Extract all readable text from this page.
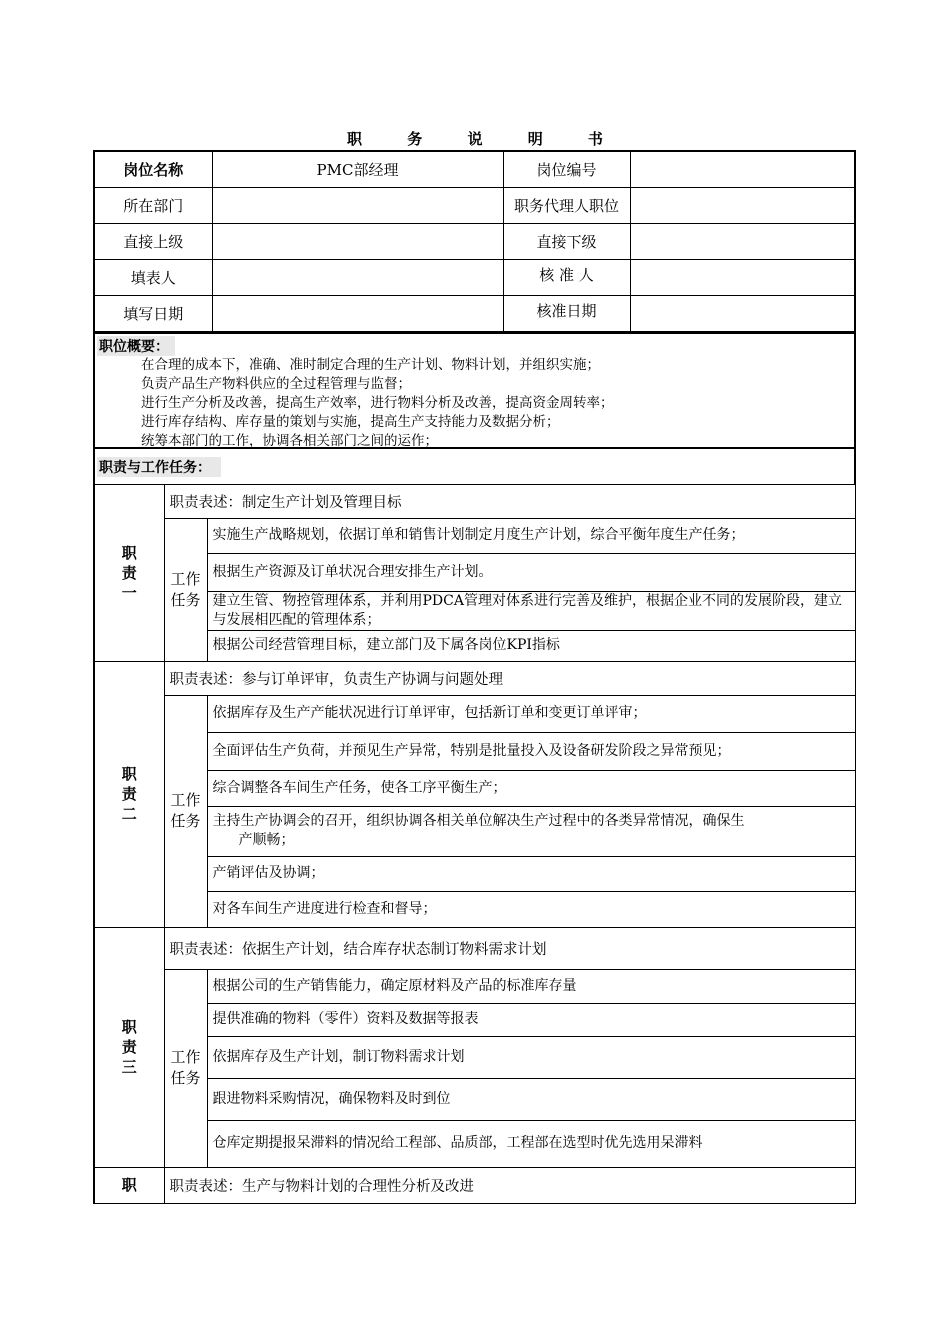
职 务 说 明 书
岗位名称	PMC部经理	岗位编号	
所在部门		职务代理人职位	
直接上级		直接下级	
填表人		核 准 人	
填写日期		核准日期	
职位概要：
在合理的成本下，准确、准时制定合理的生产计划、物料计划，并组织实施；
负责产品生产物料供应的全过程管理与监督；
进行生产分析及改善，提高生产效率，进行物料分析及改善，提高资金周转率；
进行库存结构、库存量的策划与实施，提高生产支持能力及数据分析；
统筹本部门的工作，协调各相关部门之间的运作；
职责与工作任务：
职
责
一	职责表述：制定生产计划及管理目标	
	工作任务	实施生产战略规划，依据订单和销售计划制定月度生产计划，综合平衡年度生产任务；
		根据生产资源及订单状况合理安排生产计划。
		建立生管、物控管理体系，并利用PDCA管理对体系进行完善及维护，根据企业不同的发展阶段，建立与发展相匹配的管理体系；
		根据公司经营管理目标，建立部门及下属各岗位KPI指标
职
责
二	职责表述：参与订单评审，负责生产协调与问题处理	
	工作任务	依据库存及生产产能状况进行订单评审，包括新订单和变更订单评审；
		全面评估生产负荷，并预见生产异常，特别是批量投入及设备研发阶段之异常预见；
		综合调整各车间生产任务，使各工序平衡生产；
		主持生产协调会的召开，组织协调各相关单位解决生产过程中的各类异常情况，确保生
产顺畅；
		产销评估及协调；
		对各车间生产进度进行检查和督导；
职
责
三	职责表述：依据生产计划，结合库存状态制订物料需求计划	
	工作任务	根据公司的生产销售能力，确定原材料及产品的标准库存量
		提供准确的物料（零件）资料及数据等报表
		依据库存及生产计划，制订物料需求计划
		跟进物料采购情况，确保物料及时到位
		仓库定期提报呆滞料的情况给工程部、品质部，工程部在选型时优先选用呆滞料
职	职责表述：生产与物料计划的合理性分析及改进	
